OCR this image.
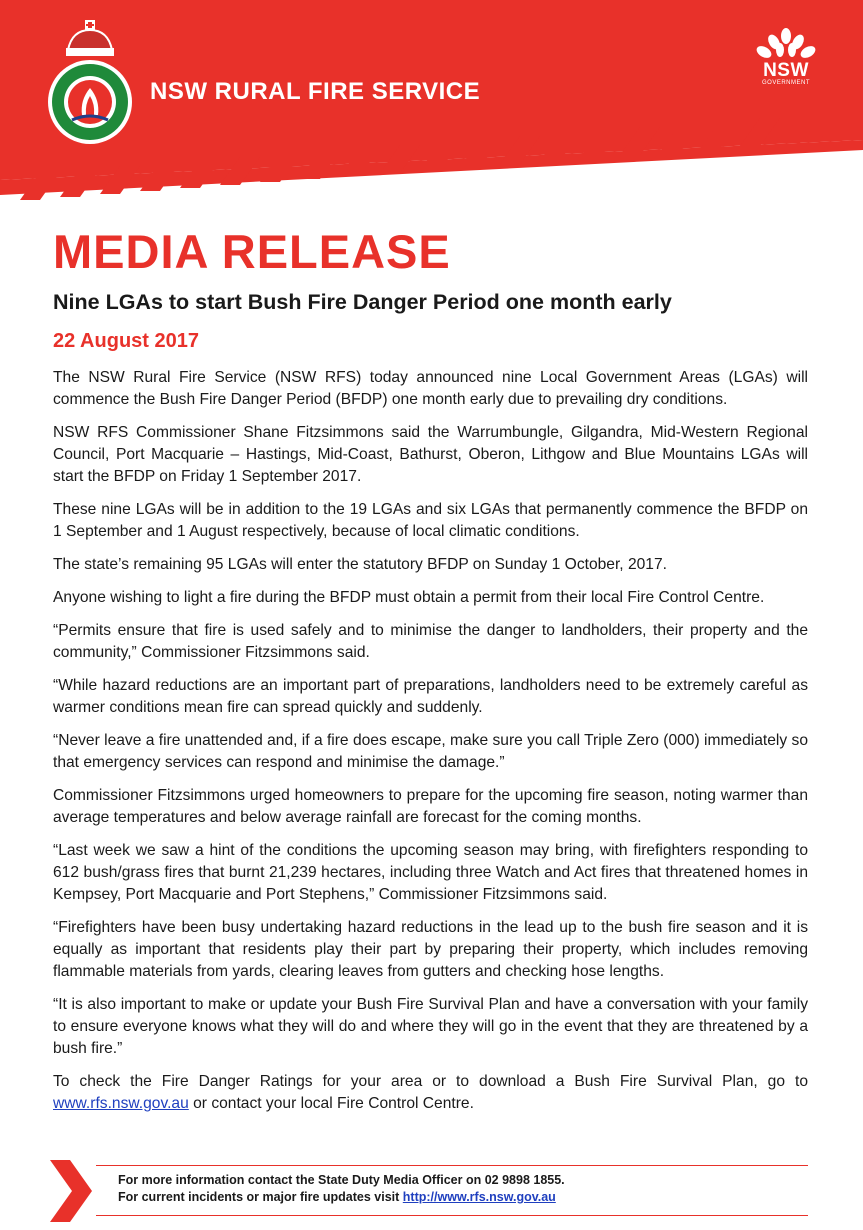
NSW RURAL FIRE SERVICE
NSW
GOVERNMENT
MEDIA RELEASE
Nine LGAs to start Bush Fire Danger Period one month early
22 August 2017

The NSW Rural Fire Service (NSW RFS) today announced nine Local Government Areas (LGAs) will commence the Bush Fire Danger Period (BFDP) one month early due to prevailing dry conditions.

NSW RFS Commissioner Shane Fitzsimmons said the Warrumbungle, Gilgandra, Mid-Western Regional Council, Port Macquarie – Hastings, Mid-Coast, Bathurst, Oberon, Lithgow and Blue Mountains LGAs will start the BFDP on Friday 1 September 2017.

These nine LGAs will be in addition to the 19 LGAs and six LGAs that permanently commence the BFDP on 1 September and 1 August respectively, because of local climatic conditions.

The state’s remaining 95 LGAs will enter the statutory BFDP on Sunday 1 October, 2017.

Anyone wishing to light a fire during the BFDP must obtain a permit from their local Fire Control Centre.

“Permits ensure that fire is used safely and to minimise the danger to landholders, their property and the community,” Commissioner Fitzsimmons said.

“While hazard reductions are an important part of preparations, landholders need to be extremely careful as warmer conditions mean fire can spread quickly and suddenly.

“Never leave a fire unattended and, if a fire does escape, make sure you call Triple Zero (000) immediately so that emergency services can respond and minimise the damage.”

Commissioner Fitzsimmons urged homeowners to prepare for the upcoming fire season, noting warmer than average temperatures and below average rainfall are forecast for the coming months.

“Last week we saw a hint of the conditions the upcoming season may bring, with firefighters responding to 612 bush/grass fires that burnt 21,239 hectares, including three Watch and Act fires that threatened homes in Kempsey, Port Macquarie and Port Stephens,” Commissioner Fitzsimmons said.

“Firefighters have been busy undertaking hazard reductions in the lead up to the bush fire season and it is equally as important that residents play their part by preparing their property, which includes removing flammable materials from yards, clearing leaves from gutters and checking hose lengths.

“It is also important to make or update your Bush Fire Survival Plan and have a conversation with your family to ensure everyone knows what they will do and where they will go in the event that they are threatened by a bush fire.”

To check the Fire Danger Ratings for your area or to download a Bush Fire Survival Plan, go to www.rfs.nsw.gov.au or contact your local Fire Control Centre.

For more information contact the State Duty Media Officer on 02 9898 1855.
For current incidents or major fire updates visit http://www.rfs.nsw.gov.au
